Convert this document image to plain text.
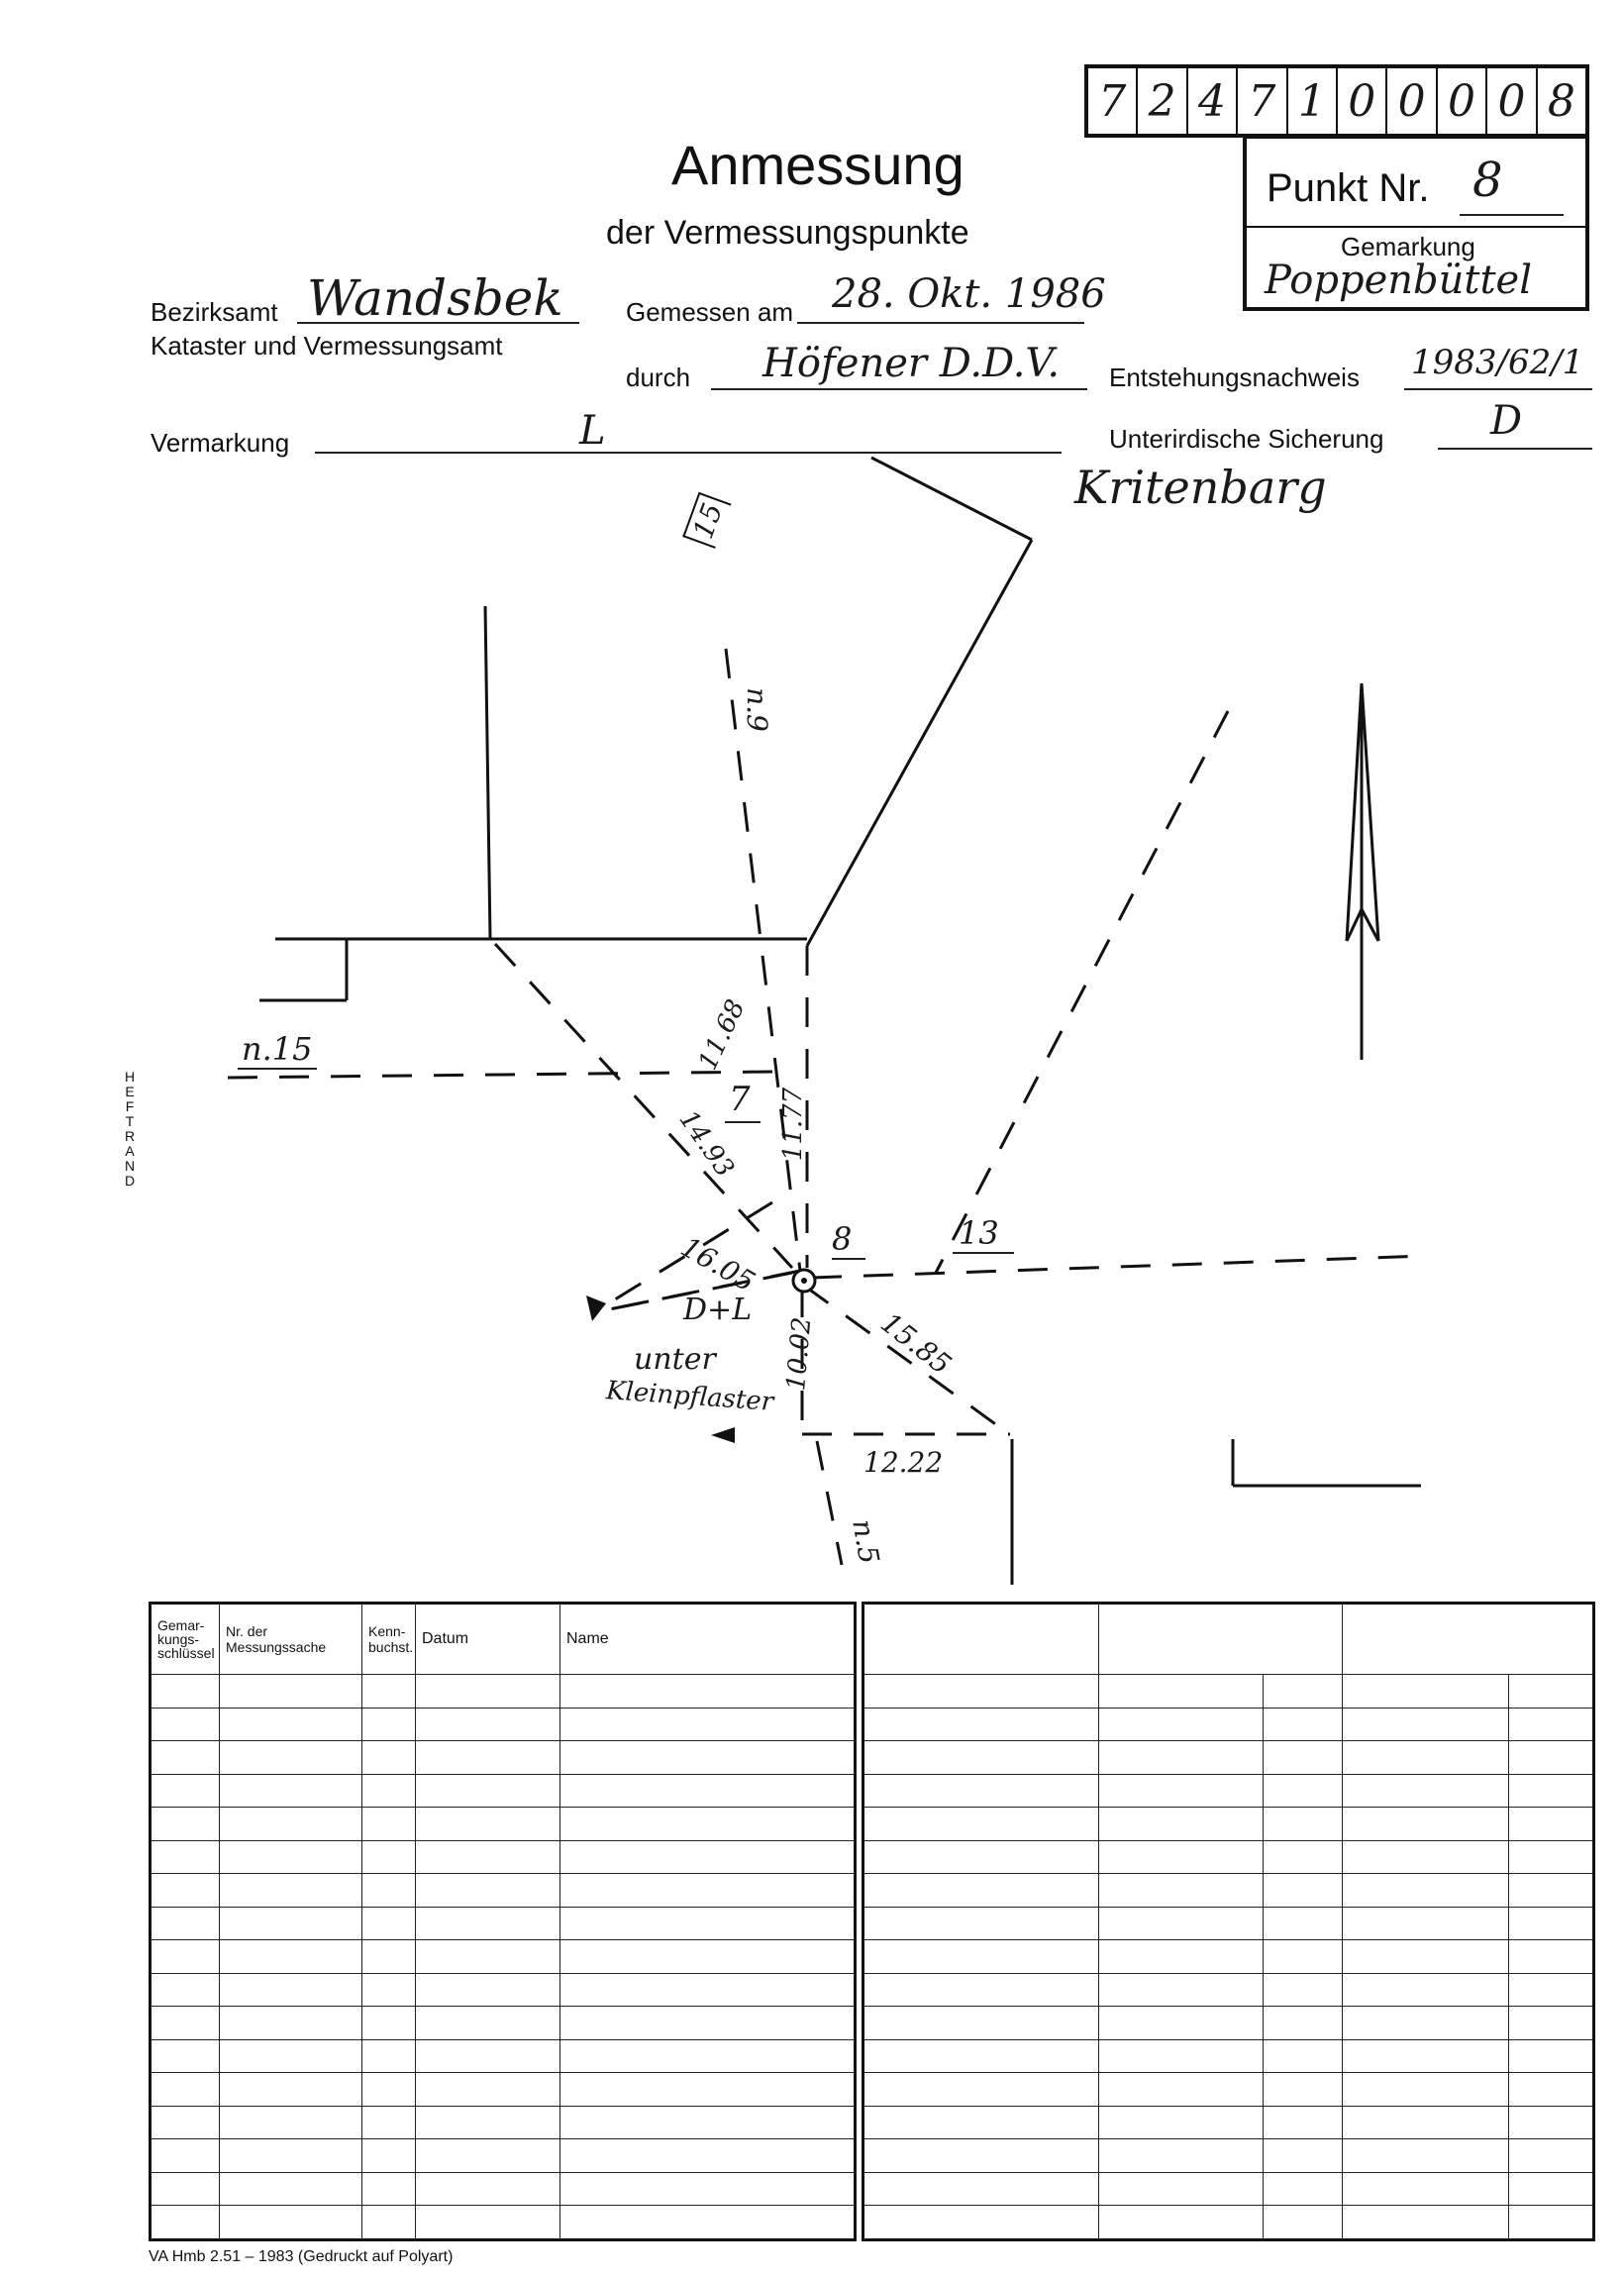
7 2 4 7 1 0 0 0 0 8
Punkt Nr. 8
Gemarkung
Poppenbüttel
Anmessung
der Vermessungspunkte
Bezirksamt Wandsbek
Kataster und Vermessungsamt
Gemessen am 28. Okt. 1986
durch Höfener D.D.V. Entstehungsnachweis 1983/62/1
Vermarkung	L	Unterirdische Sicherung	D
HEFTRAND
Kritenbarg
15
n.9
n.15	11.68
7 11.77
14.93
8	13
16.05
D+L
10.02 15.85
unter
Kleinpflaster
12.22
n.5
Gemar-kungs-schlüssel	Nr. der Messungssache	Kenn-buchst.	Datum	Name

VA Hmb 2.51 – 1983 (Gedruckt auf Polyart)
